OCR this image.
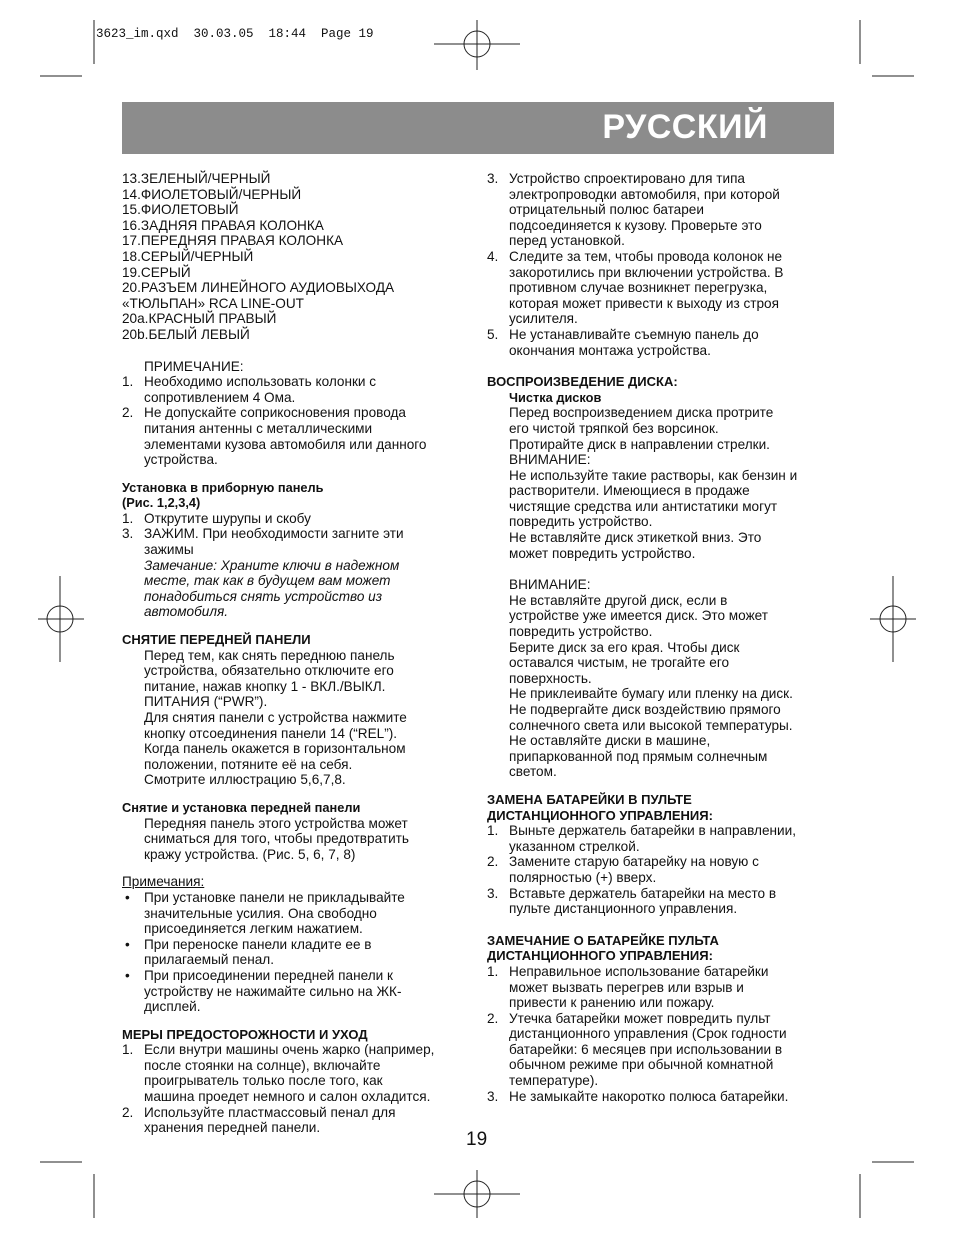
3623_im.qxd  30.03.05  18:44  Page 19
РУССКИЙ
13.ЗЕЛЕНЫЙ/ЧЕРНЫЙ
14.ФИОЛЕТОВЫЙ/ЧЕРНЫЙ
15.ФИОЛЕТОВЫЙ
16.ЗАДНЯЯ ПРАВАЯ КОЛОНКА
17.ПЕРЕДНЯЯ ПРАВАЯ КОЛОНКА
18.СЕРЫЙ/ЧЕРНЫЙ
19.СЕРЫЙ
20.РАЗЪЕМ ЛИНЕЙНОГО АУДИОВЫХОДА
«ТЮЛЬПАН» RCA LINE-OUT
20a.КРАСНЫЙ ПРАВЫЙ
20b.БЕЛЫЙ ЛЕВЫЙ
ПРИМЕЧАНИЕ:
1. Необходимо использовать колонки с
сопротивлением 4 Ома.
2. Не допускайте соприкосновения провода
питания антенны с металлическими
элементами кузова автомобиля или данного
устройства.
Установка в приборную панель
(Рис. 1,2,3,4)
1. Открутите шурупы и скобу
3. ЗАЖИМ. При необходимости загните эти
зажимы
Замечание: Храните ключи в надежном
месте, так как в будущем вам может
понадобиться снять устройство из
автомобиля.
СНЯТИЕ ПЕРЕДНЕЙ ПАНЕЛИ
Перед тем, как снять переднюю панель
устройства, обязательно отключите его
питание, нажав кнопку 1 - ВКЛ./ВЫКЛ.
ПИТАНИЯ (“PWR”).
Для снятия панели с устройства нажмите
кнопку отсоединения панели 14 (“REL”).
Когда панель окажется в горизонтальном
положении, потяните её на себя.
Смотрите иллюстрацию 5,6,7,8.
Снятие и установка передней панели
Передняя панель этого устройства может
сниматься для того, чтобы предотвратить
кражу устройства. (Рис. 5, 6, 7, 8)
Примечания:
•	При установке панели не прикладывайте
значительные усилия. Она свободно
присоединяется легким нажатием.
•	При переноске панели кладите ее в
прилагаемый пенал.
•	При присоединении передней панели к
устройству не нажимайте сильно на ЖК-
дисплей.
МЕРЫ ПРЕДОСТОРОЖНОСТИ И УХОД
1. Если внутри машины очень жарко (например,
после стоянки на солнце), включайте
проигрыватель только после того, как
машина проедет немного и салон охладится.
2. Используйте пластмассовый пенал для
хранения передней панели.
3. Устройство спроектировано для типа
электропроводки автомобиля, при которой
отрицательный полюс батареи
подсоединяется к кузову. Проверьте это
перед установкой.
4. Следите за тем, чтобы провода колонок не
закоротились при включении устройства. В
противном случае возникнет перегрузка,
которая может привести к выходу из строя
усилителя.
5. Не устанавливайте съемную панель до
окончания монтажа устройства.
ВОСПРОИЗВЕДЕНИЕ ДИСКА:
Чистка дисков
Перед воспроизведением диска протрите
его чистой тряпкой без ворсинок.
Протирайте диск в направлении стрелки.
ВНИМАНИЕ:
Не используйте такие растворы, как бензин и
растворители. Имеющиеся в продаже
чистящие средства или антистатики могут
повредить устройство.
Не вставляйте диск этикеткой вниз. Это
может повредить устройство.
ВНИМАНИЕ:
Не вставляйте другой диск, если в
устройстве уже имеется диск. Это может
повредить устройство.
Берите диск за его края. Чтобы диск
оставался чистым, не трогайте его
поверхность.
Не приклеивайте бумагу или пленку на диск.
Не подвергайте диск воздействию прямого
солнечного света или высокой температуры.
Не оставляйте диски в машине,
припаркованной под прямым солнечным
светом.
ЗАМЕНА БАТАРЕЙКИ В ПУЛЬТЕ
ДИСТАНЦИОННОГО УПРАВЛЕНИЯ:
1. Выньте держатель батарейки в направлении,
указанном стрелкой.
2. Замените старую батарейку на новую с
полярностью (+) вверх.
3. Вставьте держатель батарейки на место в
пульте дистанционного управления.
ЗАМЕЧАНИЕ О БАТАРЕЙКЕ ПУЛЬТА
ДИСТАНЦИОННОГО УПРАВЛЕНИЯ:
1. Неправильное использование батарейки
может вызвать перегрев или взрыв и
привести к ранению или пожару.
2. Утечка батарейки может повредить пульт
дистанционного управления (Срок годности
батарейки: 6 месяцев при использовании в
обычном режиме при обычной комнатной
температуре).
3. Не замыкайте накоротко полюса батарейки.
19
